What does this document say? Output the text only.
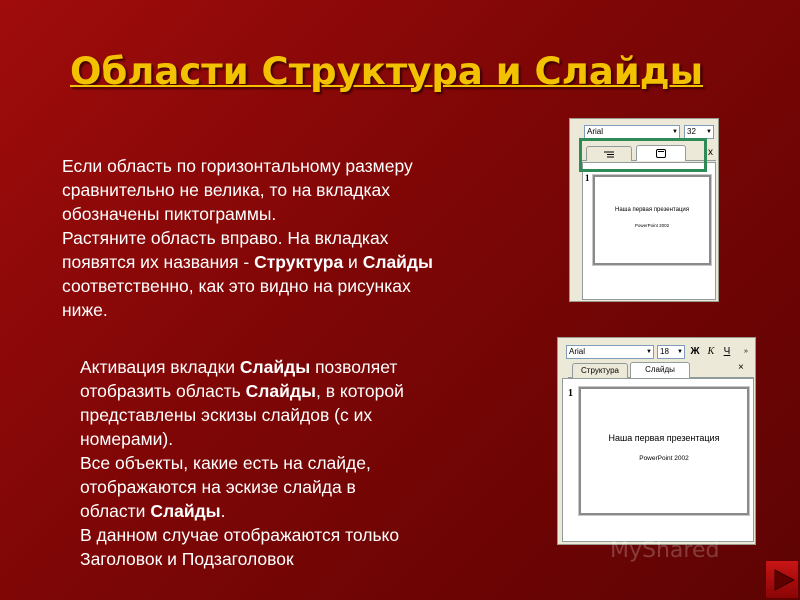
Области Структура и Слайды

Если область по горизонтальному размеру

сравнительно не велика, то на вкладках

обозначены пиктограммы.

Растяните область вправо. На вкладках

появятся их названия - Структура и Слайды

соответственно, как это видно на рисунках

ниже.

Активация вкладки Слайды позволяет

отобразить область Слайды, в которой

представлены эскизы слайдов (с их

номерами).

Все объекты, какие есть на слайде,

отображаются на эскизе слайда в

области Слайды.

В данном случае отображаются только

Заголовок и Подзаголовок

Arial	▼	32 ▼
x
1
Наша первая презентация
PowerPoint 2002
Arial	▼	18 ▼ Ж К Ч	»
Структура	Слайды	×
1
Наша первая презентация
PowerPoint 2002
MyShared
